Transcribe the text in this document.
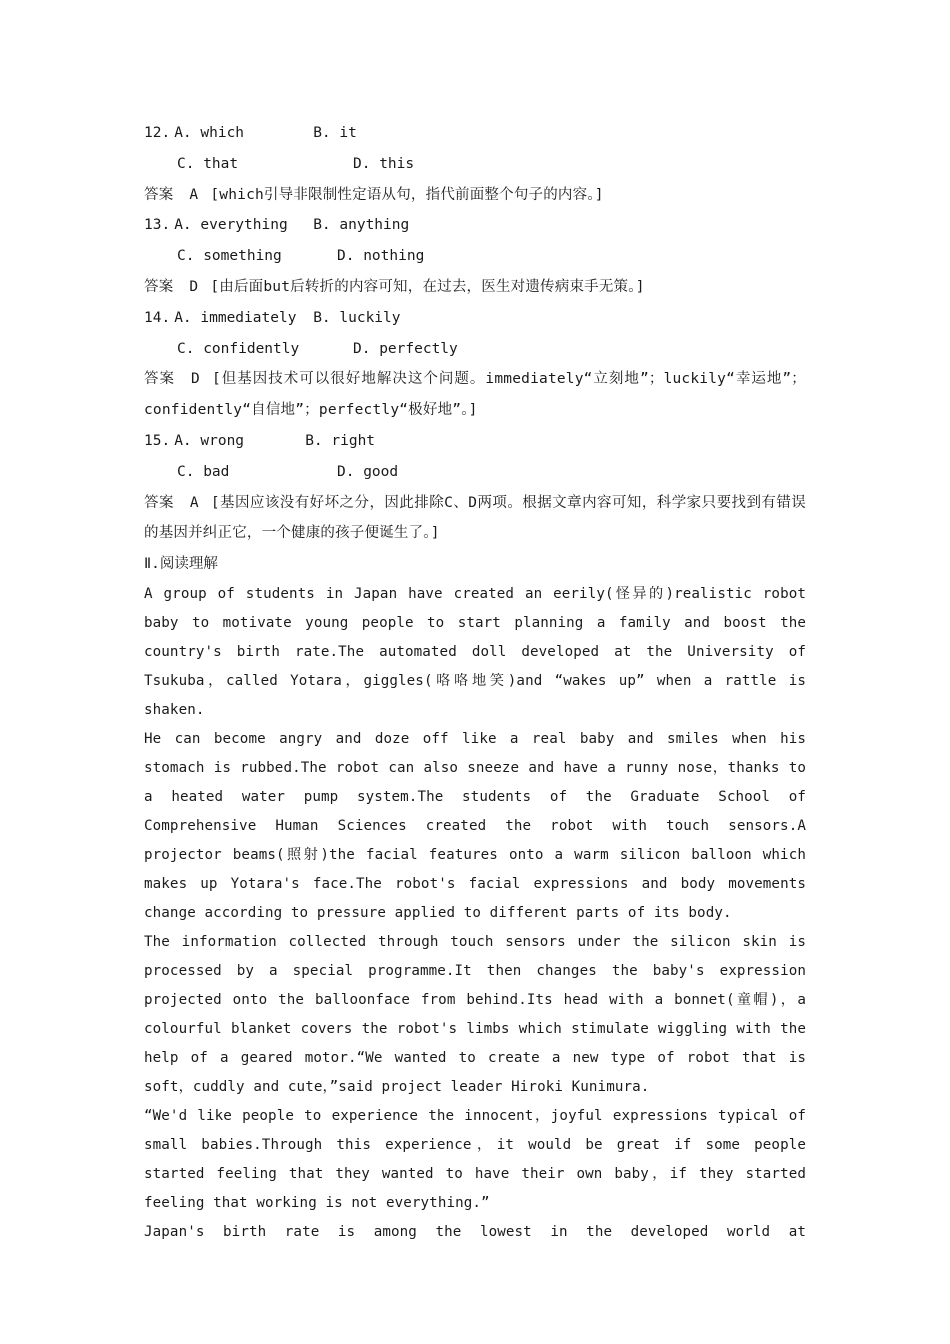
12. A. which	B. it
C. that	D. this
答案 A [which引导非限制性定语从句，指代前面整个句子的内容。]
13. A. everything	B. anything
C. something	D. nothing
答案 D [由后面but后转折的内容可知，在过去，医生对遗传病束手无策。]
14. A. immediately	B. luckily
C. confidently	D. perfectly
答案 D [但基因技术可以很好地解决这个问题。immediately“立刻地”；luckily“幸运地”；confidently“自信地”；perfectly“极好地”。]
15. A. wrong	B. right
C. bad	D. good
答案 A [基因应该没有好坏之分，因此排除C、D两项。根据文章内容可知，科学家只要找到有错误的基因并纠正它，一个健康的孩子便诞生了。]
Ⅱ.阅读理解

A group of students in Japan have created an eerily(怪异的)realistic robot baby to motivate young people to start planning a family and boost the country's birth rate.The automated doll developed at the University of Tsukuba，called Yotara，giggles(咯咯地笑)and “wakes up” when a rattle is shaken.

He can become angry and doze off like a real baby and smiles when his stomach is rubbed.The robot can also sneeze and have a runny nose，thanks to a heated water pump system.The students of the Graduate School of Comprehensive Human Sciences created the robot with touch sensors.A projector beams(照射)the facial features onto a warm silicon balloon which makes up Yotara's face.The robot's facial expressions and body movements change according to pressure applied to different parts of its body.

The information collected through touch sensors under the silicon skin is processed by a special programme.It then changes the baby's expression projected onto the balloonface from behind.Its head with a bonnet(童帽)，a colourful blanket covers the robot's limbs which stimulate wiggling with the help of a geared motor.“We wanted to create a new type of robot that is soft，cuddly and cute，”said project leader Hiroki Kunimura.

“We'd like people to experience the innocent，joyful expressions typical of small babies.Through this experience，it would be great if some people started feeling that they wanted to have their own baby，if they started feeling that working is not everything.”

Japan's birth rate is among the lowest in the developed world at
